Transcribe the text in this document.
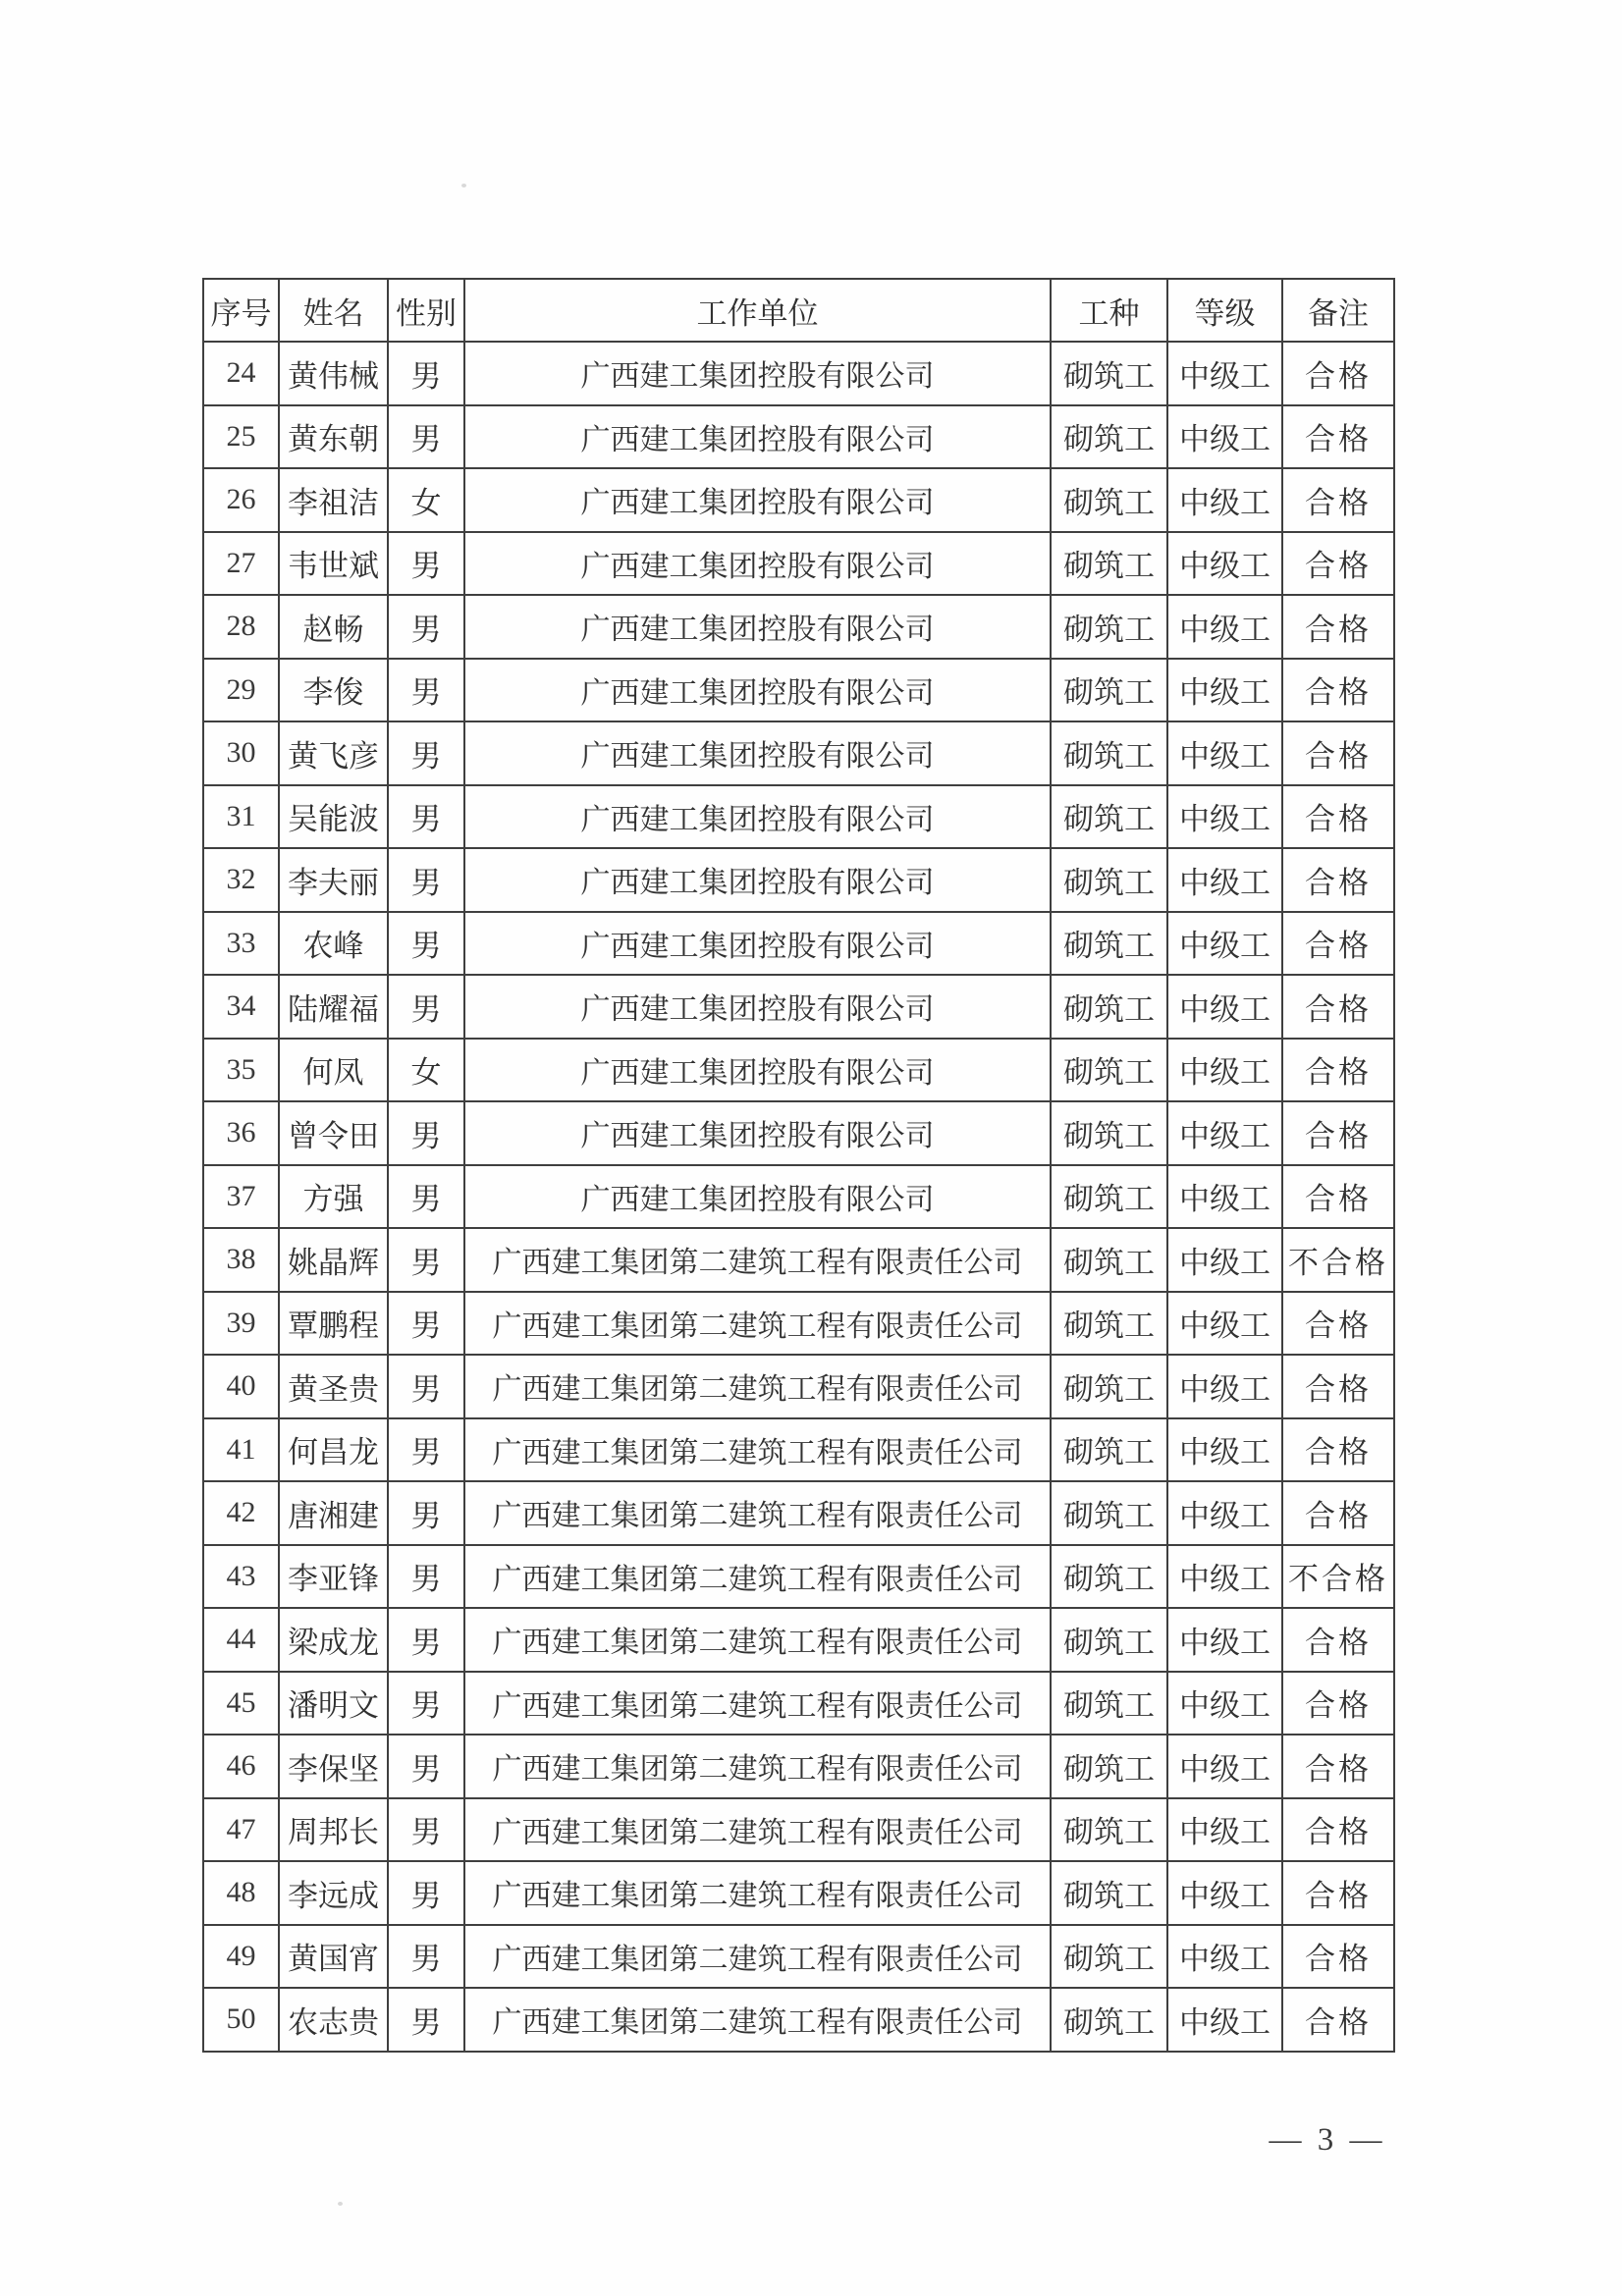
序号	姓名	性别	工作单位	工种	等级	备注
24	黄伟械	男	广西建工集团控股有限公司	砌筑工	中级工	合格
25	黄东朝	男	广西建工集团控股有限公司	砌筑工	中级工	合格
26	李祖洁	女	广西建工集团控股有限公司	砌筑工	中级工	合格
27	韦世斌	男	广西建工集团控股有限公司	砌筑工	中级工	合格
28	赵畅	男	广西建工集团控股有限公司	砌筑工	中级工	合格
29	李俊	男	广西建工集团控股有限公司	砌筑工	中级工	合格
30	黄飞彦	男	广西建工集团控股有限公司	砌筑工	中级工	合格
31	吴能波	男	广西建工集团控股有限公司	砌筑工	中级工	合格
32	李夫丽	男	广西建工集团控股有限公司	砌筑工	中级工	合格
33	农峰	男	广西建工集团控股有限公司	砌筑工	中级工	合格
34	陆耀福	男	广西建工集团控股有限公司	砌筑工	中级工	合格
35	何凤	女	广西建工集团控股有限公司	砌筑工	中级工	合格
36	曾令田	男	广西建工集团控股有限公司	砌筑工	中级工	合格
37	方强	男	广西建工集团控股有限公司	砌筑工	中级工	合格
38	姚晶辉	男	广西建工集团第二建筑工程有限责任公司	砌筑工	中级工	不合格
39	覃鹏程	男	广西建工集团第二建筑工程有限责任公司	砌筑工	中级工	合格
40	黄圣贵	男	广西建工集团第二建筑工程有限责任公司	砌筑工	中级工	合格
41	何昌龙	男	广西建工集团第二建筑工程有限责任公司	砌筑工	中级工	合格
42	唐湘建	男	广西建工集团第二建筑工程有限责任公司	砌筑工	中级工	合格
43	李亚锋	男	广西建工集团第二建筑工程有限责任公司	砌筑工	中级工	不合格
44	梁成龙	男	广西建工集团第二建筑工程有限责任公司	砌筑工	中级工	合格
45	潘明文	男	广西建工集团第二建筑工程有限责任公司	砌筑工	中级工	合格
46	李保坚	男	广西建工集团第二建筑工程有限责任公司	砌筑工	中级工	合格
47	周邦长	男	广西建工集团第二建筑工程有限责任公司	砌筑工	中级工	合格
48	李远成	男	广西建工集团第二建筑工程有限责任公司	砌筑工	中级工	合格
49	黄国宵	男	广西建工集团第二建筑工程有限责任公司	砌筑工	中级工	合格
50	农志贵	男	广西建工集团第二建筑工程有限责任公司	砌筑工	中级工	合格
— 3 —
